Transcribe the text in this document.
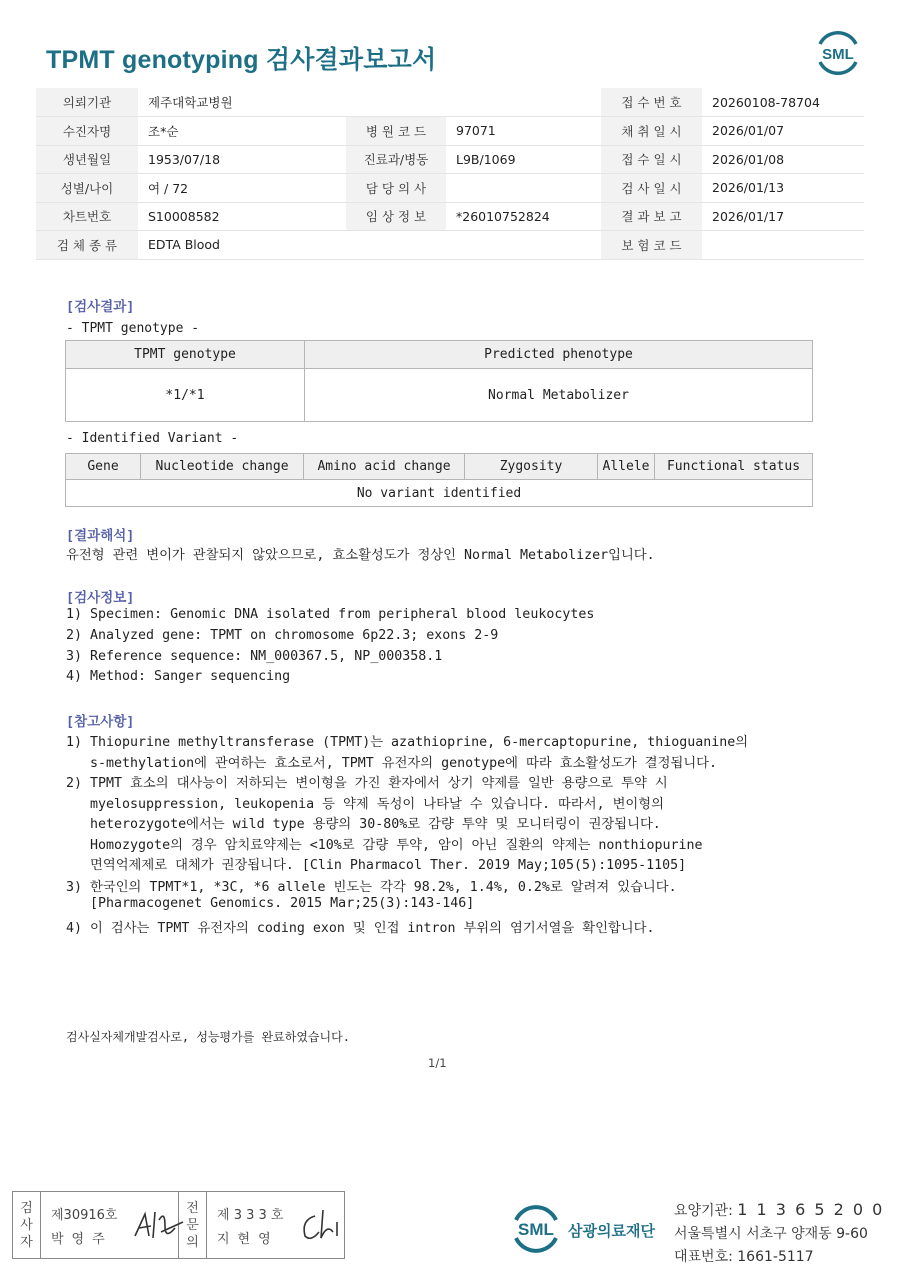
TPMT genotyping 검사결과보고서	SML
의뢰기관	제주대학교병원			접 수 번 호	20260108-78704
수진자명	조*순	병 원 코 드	97071	채 취 일 시	2026/01/07
생년월일	1953/07/18	진료과/병동	L9B/1069	접 수 일 시	2026/01/08
성별/나이	여 / 72	담 당 의 사		검 사 일 시	2026/01/13
차트번호	S10008582	임 상 정 보	*26010752824	결 과 보 고	2026/01/17
검 체 종 류	EDTA Blood			보 험 코 드	
[검사결과]
- TPMT genotype -
TPMT genotype	Predicted phenotype
*1/*1	Normal Metabolizer
- Identified Variant -
Gene	Nucleotide change	Amino acid change	Zygosity	Allele	Functional status
No variant identified
[결과해석]
유전형 관련 변이가 관찰되지 않았으므로, 효소활성도가 정상인 Normal Metabolizer입니다.
[검사정보]
1) Specimen: Genomic DNA isolated from peripheral blood leukocytes
2) Analyzed gene: TPMT on chromosome 6p22.3; exons 2-9
3) Reference sequence: NM_000367.5, NP_000358.1
4) Method: Sanger sequencing
[참고사항]
1) Thiopurine methyltransferase (TPMT)는 azathioprine, 6-mercaptopurine, thioguanine의
s-methylation에 관여하는 효소로서, TPMT 유전자의 genotype에 따라 효소활성도가 결정됩니다.
2) TPMT 효소의 대사능이 저하되는 변이형을 가진 환자에서 상기 약제를 일반 용량으로 투약 시
myelosuppression, leukopenia 등 약제 독성이 나타날 수 있습니다. 따라서, 변이형의
heterozygote에서는 wild type 용량의 30-80%로 감량 투약 및 모니터링이 권장됩니다.
Homozygote의 경우 암치료약제는 <10%로 감량 투약, 암이 아닌 질환의 약제는 nonthiopurine
면역억제제로 대체가 권장됩니다. [Clin Pharmacol Ther. 2019 May;105(5):1095-1105]
3) 한국인의 TPMT*1, *3C, *6 allele 빈도는 각각 98.2%, 1.4%, 0.2%로 알려져 있습니다.
[Pharmacogenet Genomics. 2015 Mar;25(3):143-146]
4) 이 검사는 TPMT 유전자의 coding exon 및 인접 intron 부위의 염기서열을 확인합니다.
검사실자체개발검사로, 성능평가를 완료하였습니다.
1/1
검
사
자
제30916호
박영주
전
문
의
제 3 3 3 호
지현영
SML 삼광의료재단
요양기관: 1 1 3 6 5 2 0 0
서울특별시 서초구 양재동 9-60
대표번호: 1661-5117
